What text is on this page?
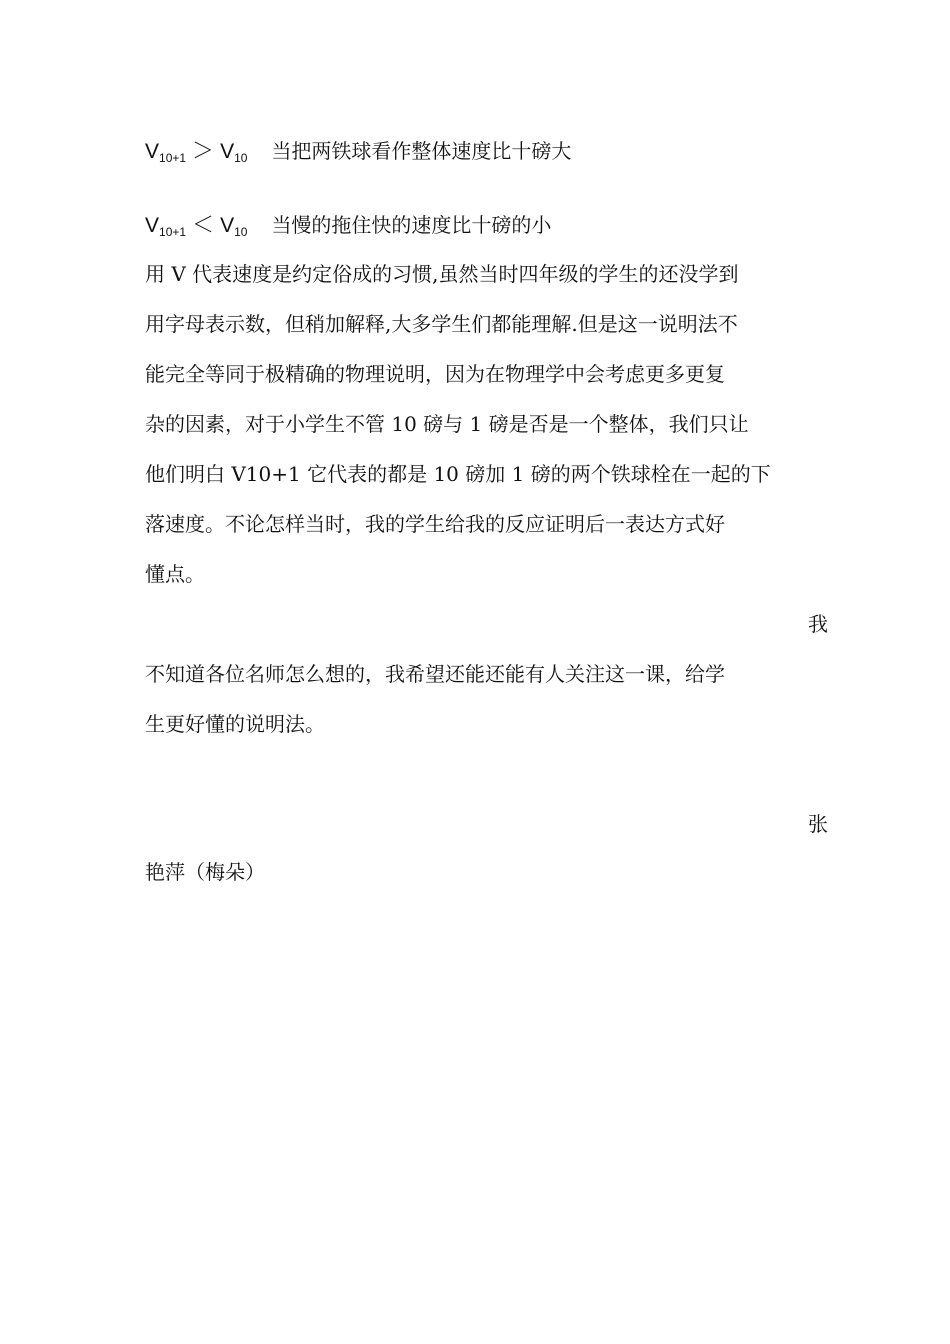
$V_{10+1} > V_{10}$ 当把两铁球看作整体速度比十磅大
$V_{10+1} < V_{10}$ 当慢的拖住快的速度比十磅的小
用 V 代表速度是约定俗成的习惯,虽然当时四年级的学生的还没学到
用字母表示数，但稍加解释,大多学生们都能理解.但是这一说明法不
能完全等同于极精确的物理说明，因为在物理学中会考虑更多更复
杂的因素，对于小学生不管 10 磅与 1 磅是否是一个整体，我们只让
他们明白 V10+1 它代表的都是 10 磅加 1 磅的两个铁球栓在一起的下
落速度。不论怎样当时，我的学生给我的反应证明后一表达方式好
懂点。
我
不知道各位名师怎么想的，我希望还能还能有人关注这一课，给学
生更好懂的说明法。
张
艳萍（梅朵）
